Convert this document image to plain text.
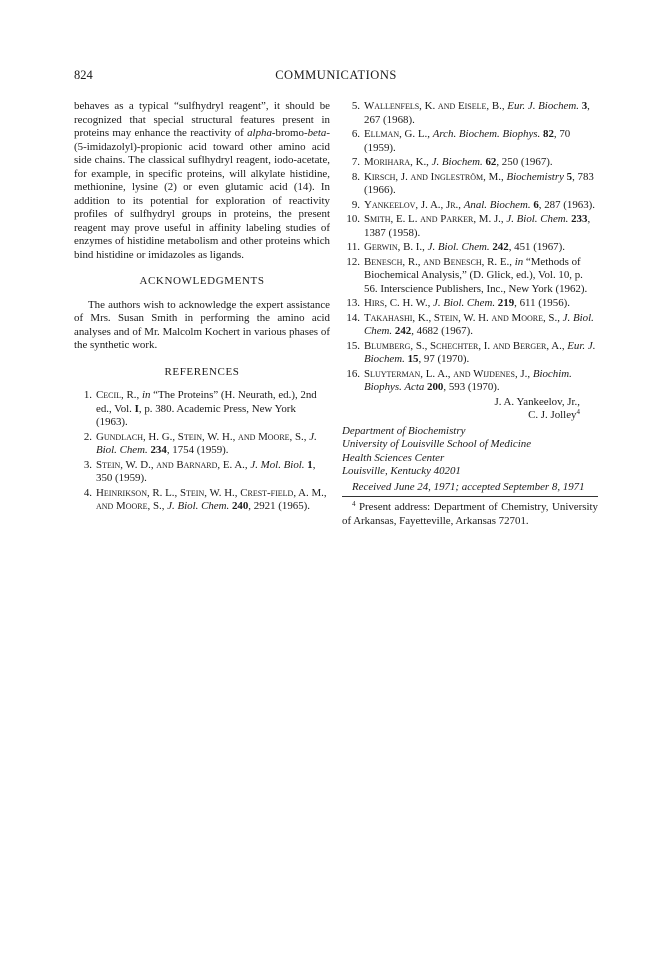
824	COMMUNICATIONS

behaves as a typical “sulfhydryl reagent”, it should be recognized that special structural features present in proteins may enhance the reactivity of alpha-bromo-beta-(5-imidazolyl)-propionic acid toward other amino acid side chains. The classical suflhydryl reagent, iodo-acetate, for example, in specific proteins, will alkylate histidine, methionine, lysine (2) or even glutamic acid (14). In addition to its potential for exploration of reactivity profiles of sulfhydryl groups in proteins, the present reagent may prove useful in affinity labeling studies of enzymes of histidine metabolism and other proteins which bind histidine or imidazoles as ligands.

ACKNOWLEDGMENTS

The authors wish to acknowledge the expert assistance of Mrs. Susan Smith in performing the amino acid analyses and of Mr. Malcolm Kochert in various phases of the synthetic work.

REFERENCES
1. Cecil, R., in “The Proteins” (H. Neurath, ed.), 2nd ed., Vol. I, p. 380. Academic Press, New York (1963).
2. Gundlach, H. G., Stein, W. H., and Moore, S., J. Biol. Chem. 234, 1754 (1959).
3. Stein, W. D., and Barnard, E. A., J. Mol. Biol. 1, 350 (1959).
4. Heinrikson, R. L., Stein, W. H., Crest-field, A. M., and Moore, S., J. Biol. Chem. 240, 2921 (1965).
5. Wallenfels, K. and Eisele, B., Eur. J. Biochem. 3, 267 (1968).
6. Ellman, G. L., Arch. Biochem. Biophys. 82, 70 (1959).
7. Morihara, K., J. Biochem. 62, 250 (1967).
8. Kirsch, J. and Ingleström, M., Biochemistry 5, 783 (1966).
9. Yankeelov, J. A., Jr., Anal. Biochem. 6, 287 (1963).
10. Smith, E. L. and Parker, M. J., J. Biol. Chem. 233, 1387 (1958).
11. Gerwin, B. I., J. Biol. Chem. 242, 451 (1967).
12. Benesch, R., and Benesch, R. E., in “Methods of Biochemical Analysis,” (D. Glick, ed.), Vol. 10, p. 56. Interscience Publishers, Inc., New York (1962).
13. Hirs, C. H. W., J. Biol. Chem. 219, 611 (1956).
14. Takahashi, K., Stein, W. H. and Moore, S., J. Biol. Chem. 242, 4682 (1967).
15. Blumberg, S., Schechter, I. and Berger, A., Eur. J. Biochem. 15, 97 (1970).
16. Sluyterman, L. A., and Wijdenes, J., Biochim. Biophys. Acta 200, 593 (1970).
J. A. Yankeelov, Jr.,
C. J. Jolley$^4$
Department of Biochemistry
University of Louisville School of Medicine
Health Sciences Center
Louisville, Kentucky 40201
Received June 24, 1971; accepted September 8, 1971

$^4$ Present address: Department of Chemistry, University of Arkansas, Fayetteville, Arkansas 72701.
